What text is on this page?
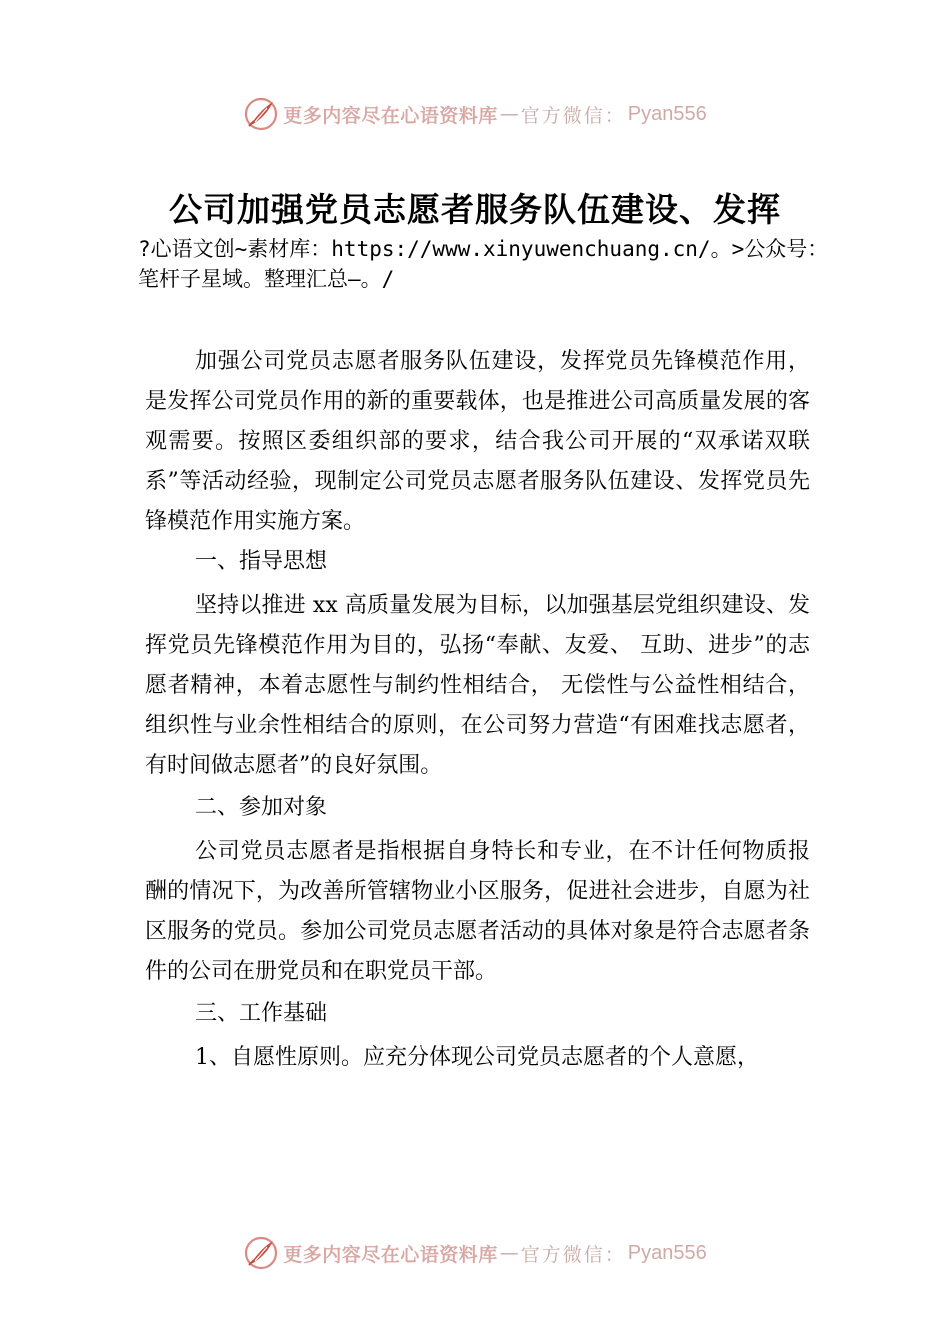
更多内容尽在心语资料库 — 官方微信： Pyan556
公司加强党员志愿者服务队伍建设、发挥

?心语文创~素材库：https://www.xinyuwenchuang.cn/。>公众号：笔杆子星域。整理汇总—。/

加强公司党员志愿者服务队伍建设，发挥党员先锋模范作用，是发挥公司党员作用的新的重要载体，也是推进公司高质量发展的客观需要。按照区委组织部的要求，结合我公司开展的“双承诺双联系”等活动经验，现制定公司党员志愿者服务队伍建设、发挥党员先锋模范作用实施方案。

一、指导思想

坚持以推进 xx 高质量发展为目标，以加强基层党组织建设、发挥党员先锋模范作用为目的，弘扬“奉献、友爱、 互助、进步”的志愿者精神，本着志愿性与制约性相结合， 无偿性与公益性相结合，组织性与业余性相结合的原则，在公司努力营造“有困难找志愿者，有时间做志愿者”的良好氛围。

二、参加对象

公司党员志愿者是指根据自身特长和专业，在不计任何物质报酬的情况下，为改善所管辖物业小区服务，促进社会进步，自愿为社区服务的党员。参加公司党员志愿者活动的具体对象是符合志愿者条件的公司在册党员和在职党员干部。

三、工作基础

1、自愿性原则。应充分体现公司党员志愿者的个人意愿，

更多内容尽在心语资料库 — 官方微信： Pyan556
